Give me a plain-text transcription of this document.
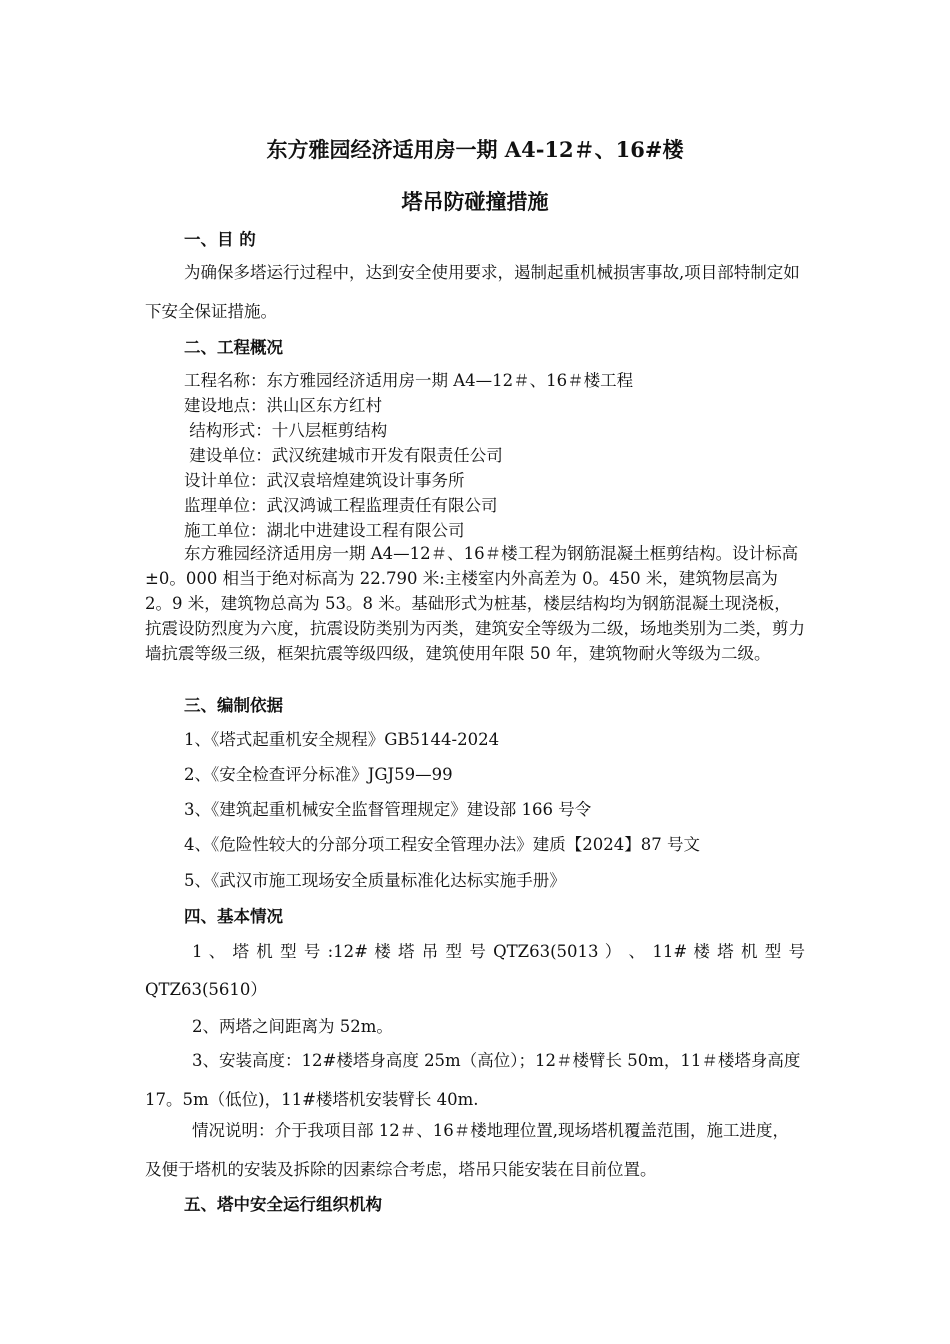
东方雅园经济适用房一期 A4-12＃、16#楼
塔吊防碰撞措施
一、目 的

为确保多塔运行过程中，达到安全使用要求，遏制起重机械损害事故,项目部特制定如下安全保证措施。

二、工程概况

工程名称：东方雅园经济适用房一期 A4—12＃、16＃楼工程

建设地点：洪山区东方红村

结构形式：十八层框剪结构

建设单位：武汉统建城市开发有限责任公司

设计单位：武汉袁培煌建筑设计事务所

监理单位：武汉鸿诚工程监理责任有限公司

施工单位：湖北中进建设工程有限公司

东方雅园经济适用房一期 A4—12＃、16＃楼工程为钢筋混凝土框剪结构。设计标高±0。000 相当于绝对标高为 22.790 米:主楼室内外高差为 0。450 米，建筑物层高为 2。9 米，建筑物总高为 53。8 米。基础形式为桩基，楼层结构均为钢筋混凝土现浇板，抗震设防烈度为六度，抗震设防类别为丙类，建筑安全等级为二级，场地类别为二类，剪力墙抗震等级三级，框架抗震等级四级，建筑使用年限 50 年，建筑物耐火等级为二级。

三、编制依据

1、《塔式起重机安全规程》GB5144-2024

2、《安全检查评分标准》JGJ59—99

3、《建筑起重机械安全监督管理规定》建设部 166 号令

4、《危险性较大的分部分项工程安全管理办法》建质【2024】87 号文

5、《武汉市施工现场安全质量标准化达标实施手册》

四、基本情况

1 、 塔 机 型 号 :12# 楼 塔 吊 型 号 QTZ63(5013 ） 、 11# 楼 塔 机 型 号

QTZ63(5610）

2、两塔之间距离为 52m。

3、安装高度：12#楼塔身高度 25m（高位）；12＃楼臂长 50m，11＃楼塔身高度 17。5m（低位)，11#楼塔机安装臂长 40m.

情况说明：介于我项目部 12＃、16＃楼地理位置,现场塔机覆盖范围，施工进度，及便于塔机的安装及拆除的因素综合考虑，塔吊只能安装在目前位置。

五、塔中安全运行组织机构
